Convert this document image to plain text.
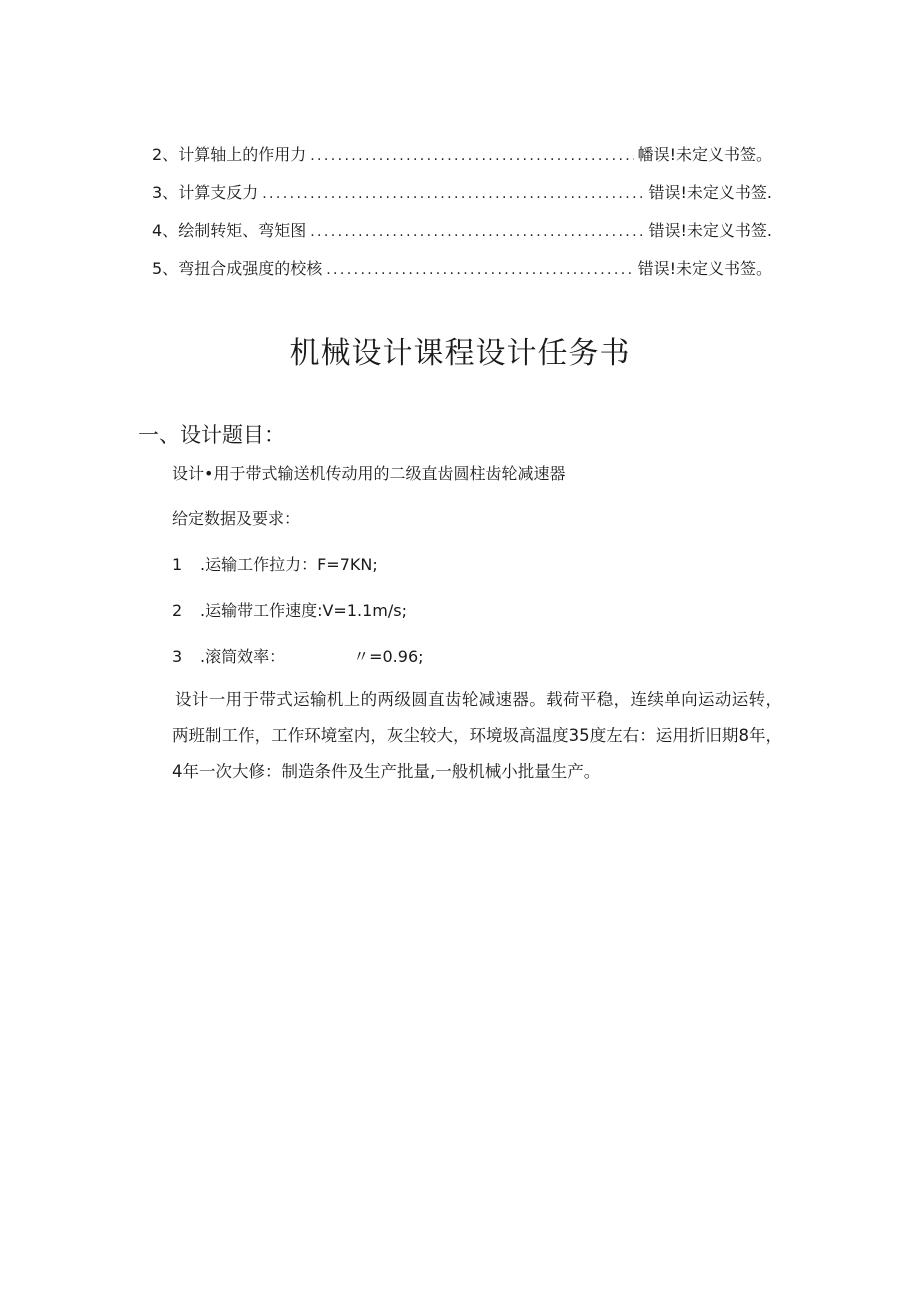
2、 计算轴上的作用力 .....	幡误!未定义书签。
3、 计算支反力 .....	错误!未定义书签.
4、 绘制转矩、弯矩图 .....	错误!未定义书签.
5、 弯扭合成强度的校核 .....	错误!未定义书签。
机械设计课程设计任务书
一、设计题目：

设计•用于带式输送机传动用的二级直齿圆柱齿轮减速器

给定数据及要求：

1 .运输工作拉力：F=7KN;
2 .运输带工作速度:V=1.1m/s;
3 .滚筒效率：	〃=0.96;

设计一用于带式运输机上的两级圆直齿轮减速器。载荷平稳，连续单向运动运转，两班制工作，工作环境室内，灰尘较大，环境圾高温度35度左右：运用折旧期8年，4年一次大修：制造条件及生产批量,一般机械小批量生产。
